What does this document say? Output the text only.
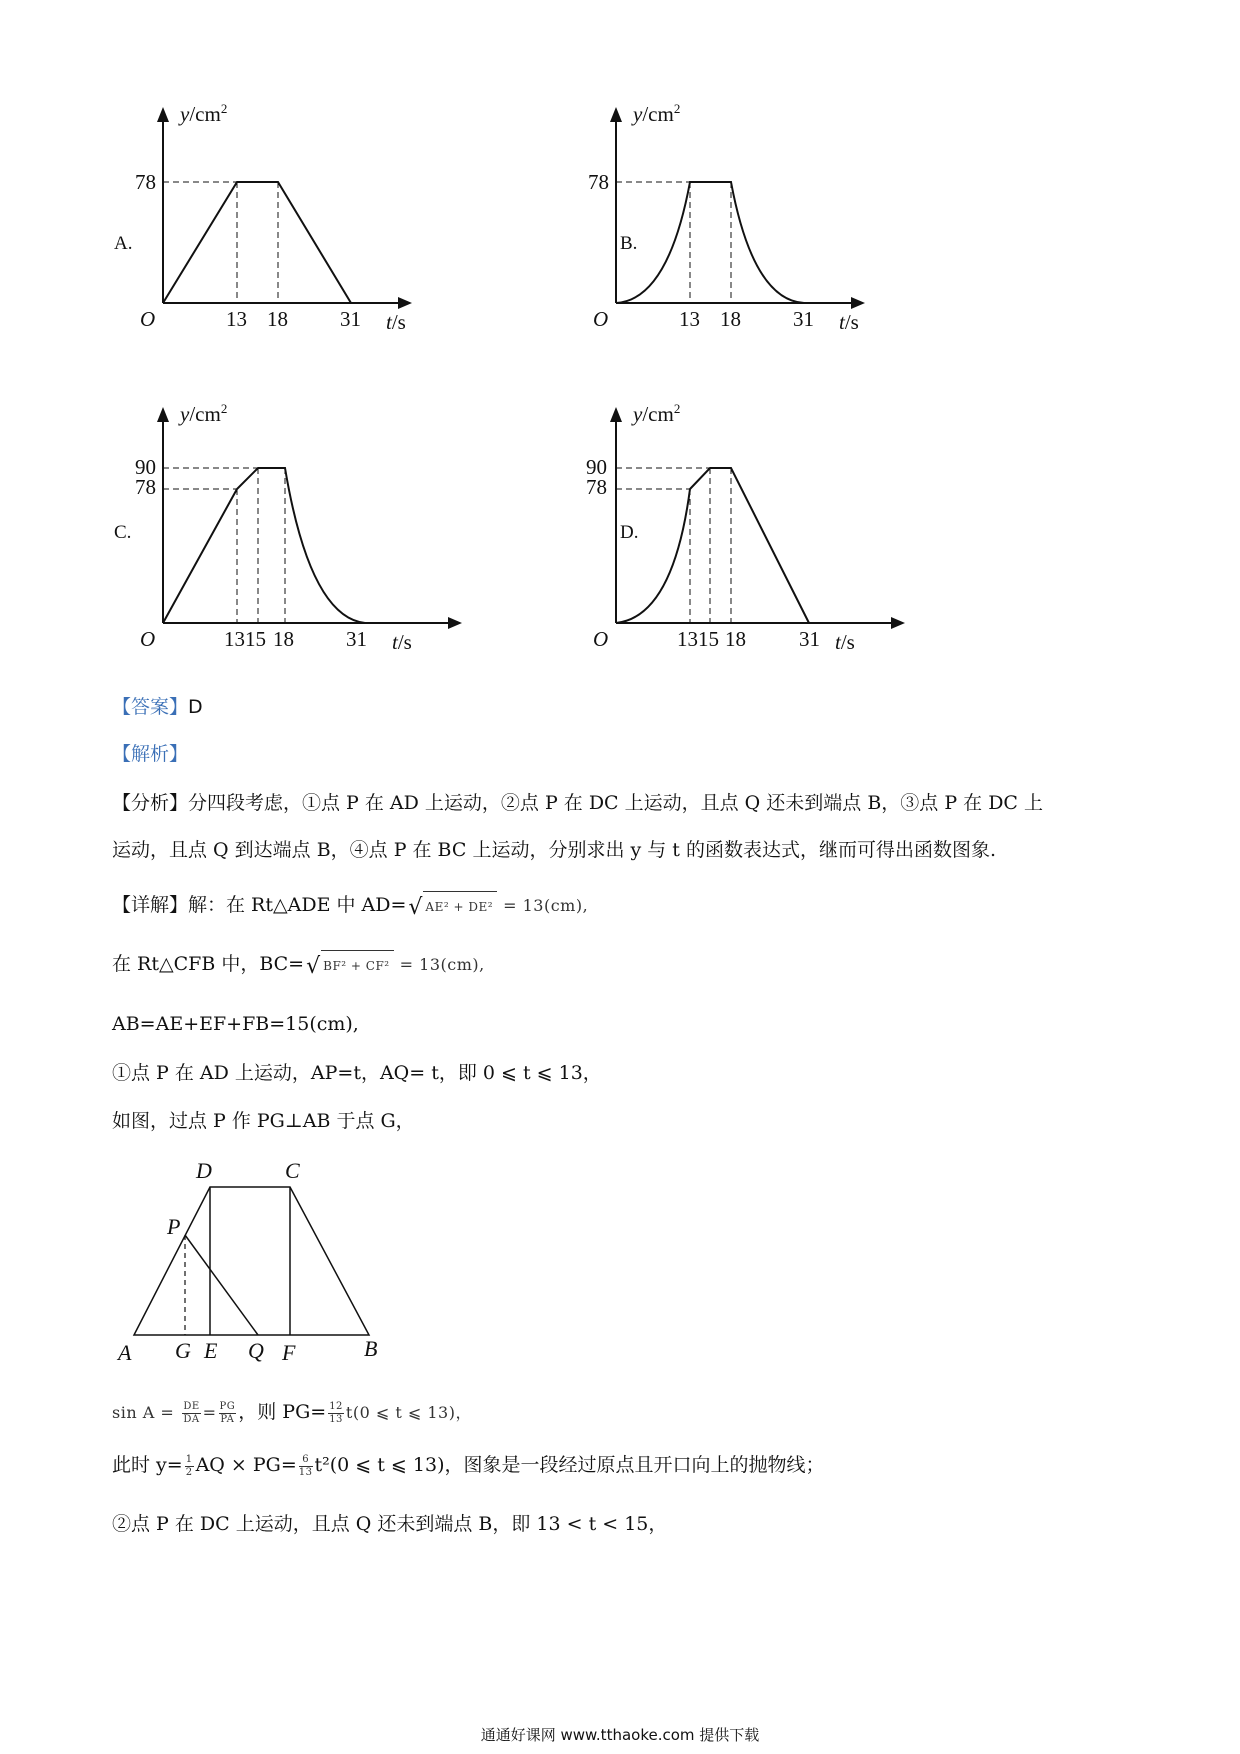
$y/cm^2$
78
O	13 18 31 t/s
A.
$y/cm^2$
78
O	13 18 31 t/s
B.
$y/cm^2$
90
78
O	1315 18 31 t/s
C.
$y/cm^2$
90
78
O	1315 18	31 t/s
D.
【答案】D
【解析】
【分析】分四段考虑，①点 P 在 AD 上运动，②点 P 在 DC 上运动，且点 Q 还未到端点 B，③点 P 在 DC 上
运动，且点 Q 到达端点 B，④点 P 在 BC 上运动，分别求出 y 与 t 的函数表达式，继而可得出函数图象.
【详解】解：在 Rt△ADE 中 AD=√ AE² + DE² = 13(cm),
在 Rt△CFB 中，BC=√ BF² + CF² = 13(cm),
AB=AE+EF+FB=15(cm),
①点 P 在 AD 上运动，AP=t，AQ= t，即 0 ⩽ t ⩽ 13，
如图，过点 P 作 PG⊥AB 于点 G，
D	C
P
A G E Q F	B
$\sin A = \frac{DE}{DA} = \frac{PG}{PA}$ ，则 $PG= \frac{12}{13} t(0$ ⩽ t ⩽ 13)，
此时 $y= \frac{1}{2}$ AQ × $PG= \frac{6}{13} t^2(0$ ⩽ t ⩽ 13)，图象是一段经过原点且开口向上的抛物线；
②点 P 在 DC 上运动，且点 Q 还未到端点 B，即 13 < t < 15，
通通好课网 www.tthaoke.com 提供下载
